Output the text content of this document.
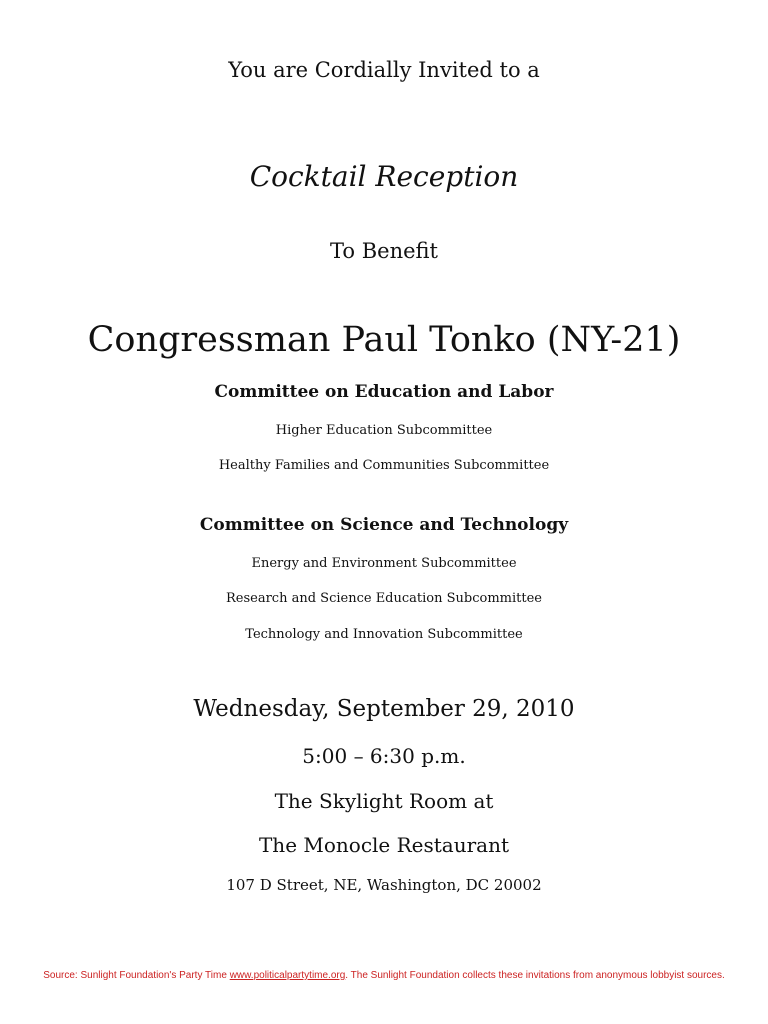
You are Cordially Invited to a
Cocktail Reception
To Benefit
Congressman Paul Tonko (NY-21)
Committee on Education and Labor
Higher Education Subcommittee
Healthy Families and Communities Subcommittee
Committee on Science and Technology
Energy and Environment Subcommittee
Research and Science Education Subcommittee
Technology and Innovation Subcommittee
Wednesday, September 29, 2010
5:00 – 6:30 p.m.
The Skylight Room at
The Monocle Restaurant
107 D Street, NE, Washington, DC 20002
Source: Sunlight Foundation's Party Time www.politicalpartytime.org. The Sunlight Foundation collects these invitations from anonymous lobbyist sources.
